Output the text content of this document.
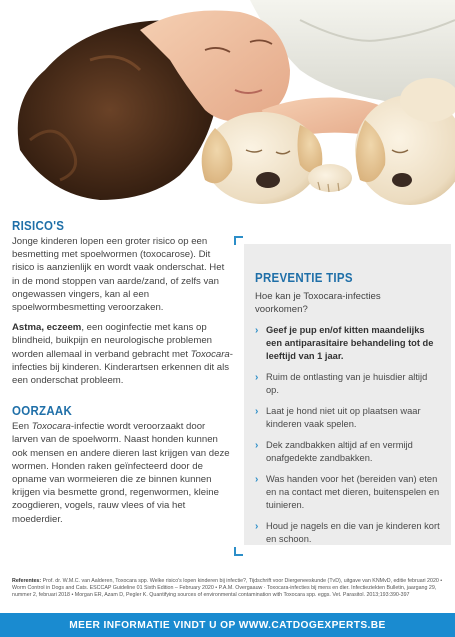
RISICO'S

Jonge kinderen lopen een groter risico op een besmetting met spoelwormen (toxocarose). Dit risico is aanzienlijk en wordt vaak onderschat. Het in de mond stoppen van aarde/zand, of zelfs van ongewassen vingers, kan al een spoelwormbesmetting veroorzaken.

Astma, eczeem, een ooginfectie met kans op blindheid, buikpijn en neurologische problemen worden allemaal in verband gebracht met Toxocara-infecties bij kinderen. Kinderartsen erkennen dit als een onderschat probleem.

OORZAAK

Een Toxocara-infectie wordt veroorzaakt door larven van de spoelworm. Naast honden kunnen ook mensen en andere dieren last krijgen van deze wormen. Honden raken geïnfecteerd door de opname van wormeieren die ze binnen kunnen krijgen via besmette grond, regenwormen, kleine zoogdieren, vogels, rauw vlees of via het moederdier.

PREVENTIE TIPS

Hoe kan je Toxocara-infecties voorkomen?

› Geef je pup en/of kitten maandelijks een antiparasitaire behandeling tot de leeftijd van 1 jaar.
› Ruim de ontlasting van je huisdier altijd op.
› Laat je hond niet uit op plaatsen waar kinderen vaak spelen.
› Dek zandbakken altijd af en vermijd onafgedekte zandbakken.
› Was handen voor het (bereiden van) eten en na contact met dieren, buitenspelen en tuinieren.
› Houd je nagels en die van je kinderen kort en schoon.

Referentes: Prof. dr. W.M.C. van Aalderen, Toxocara spp. Welke risico's lopen kinderen bij infectie?, Tijdschrift voor Diergeneeskunde (TvD), uitgave van KNMvD, editie februari 2020 • Worm Control in Dogs and Cats. ESCCAP Guideline 01 Sixth Edition – February 2020 • P.A.M. Overgaauw · Toxocara-infecties bij mens en dier. Infectieziekten Bulletin, jaargang 29, nummer 2, februari 2018 • Morgan ER, Azam D, Pegler K. Quantifying sources of environmental contamination with Toxocara spp. eggs. Vet. Parasitol. 2013;193:390-397

MEER INFORMATIE VINDT U OP WWW.CATDOGEXPERTS.BE
